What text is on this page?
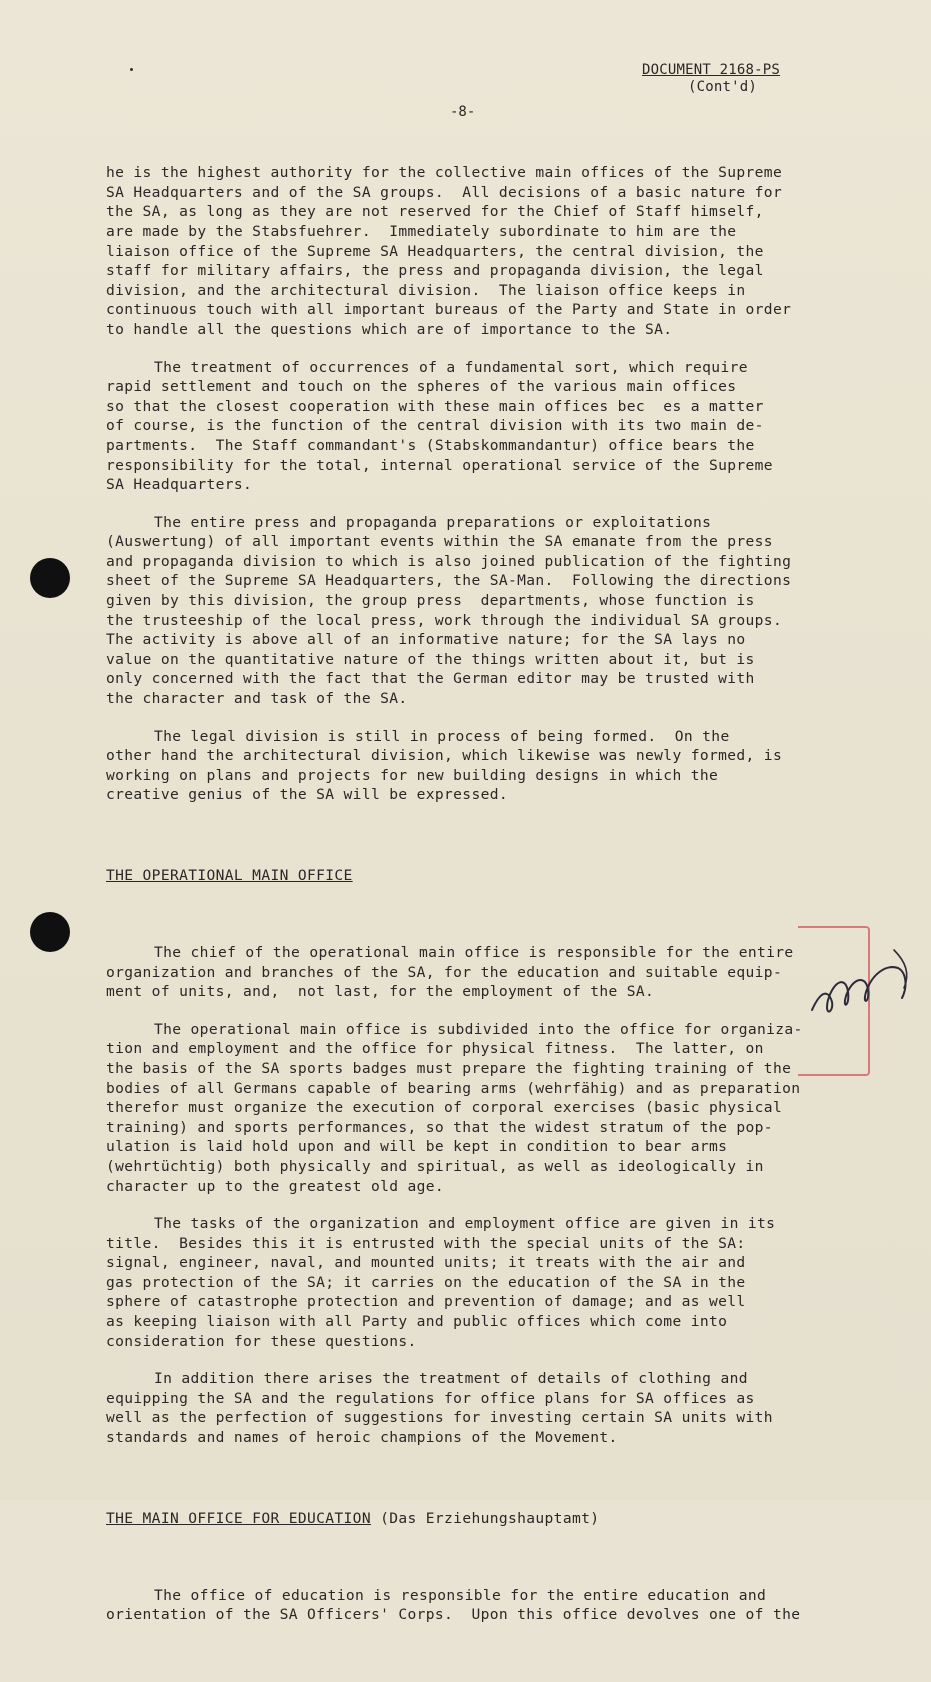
DOCUMENT 2168-PS
(Cont'd)
-8-

he is the highest authority for the collective main offices of the Supreme
SA Headquarters and of the SA groups.  All decisions of a basic nature for
the SA, as long as they are not reserved for the Chief of Staff himself,
are made by the Stabsfuehrer.  Immediately subordinate to him are the
liaison office of the Supreme SA Headquarters, the central division, the
staff for military affairs, the press and propaganda division, the legal
division, and the architectural division.  The liaison office keeps in
continuous touch with all important bureaus of the Party and State in order
to handle all the questions which are of importance to the SA.
The treatment of occurrences of a fundamental sort, which require
rapid settlement and touch on the spheres of the various main offices
so that the closest cooperation with these main offices bec  es a matter
of course, is the function of the central division with its two main de-
partments.  The Staff commandant's (Stabskommandantur) office bears the
responsibility for the total, internal operational service of the Supreme
SA Headquarters.
The entire press and propaganda preparations or exploitations
(Auswertung) of all important events within the SA emanate from the press
and propaganda division to which is also joined publication of the fighting
sheet of the Supreme SA Headquarters, the SA-Man.  Following the directions
given by this division, the group press  departments, whose function is
the trusteeship of the local press, work through the individual SA groups.
The activity is above all of an informative nature; for the SA lays no
value on the quantitative nature of the things written about it, but is
only concerned with the fact that the German editor may be trusted with
the character and task of the SA.
The legal division is still in process of being formed.  On the
other hand the architectural division, which likewise was newly formed, is
working on plans and projects for new building designs in which the
creative genius of the SA will be expressed.

THE OPERATIONAL MAIN OFFICE

The chief of the operational main office is responsible for the entire
organization and branches of the SA, for the education and suitable equip-
ment of units, and,  not last, for the employment of the SA.
The operational main office is subdivided into the office for organiza-
tion and employment and the office for physical fitness.  The latter, on
the basis of the SA sports badges must prepare the fighting training of the
bodies of all Germans capable of bearing arms (wehrfähig) and as preparation
therefor must organize the execution of corporal exercises (basic physical
training) and sports performances, so that the widest stratum of the pop-
ulation is laid hold upon and will be kept in condition to bear arms
(wehrtüchtig) both physically and spiritual, as well as ideologically in
character up to the greatest old age.
The tasks of the organization and employment office are given in its
title.  Besides this it is entrusted with the special units of the SA:
signal, engineer, naval, and mounted units; it treats with the air and
gas protection of the SA; it carries on the education of the SA in the
sphere of catastrophe protection and prevention of damage; and as well
as keeping liaison with all Party and public offices which come into
consideration for these questions.
In addition there arises the treatment of details of clothing and
equipping the SA and the regulations for office plans for SA offices as
well as the perfection of suggestions for investing certain SA units with
standards and names of heroic champions of the Movement.

THE MAIN OFFICE FOR EDUCATION (Das Erziehungshauptamt)

The office of education is responsible for the entire education and
orientation of the SA Officers' Corps.  Upon this office devolves one of the
